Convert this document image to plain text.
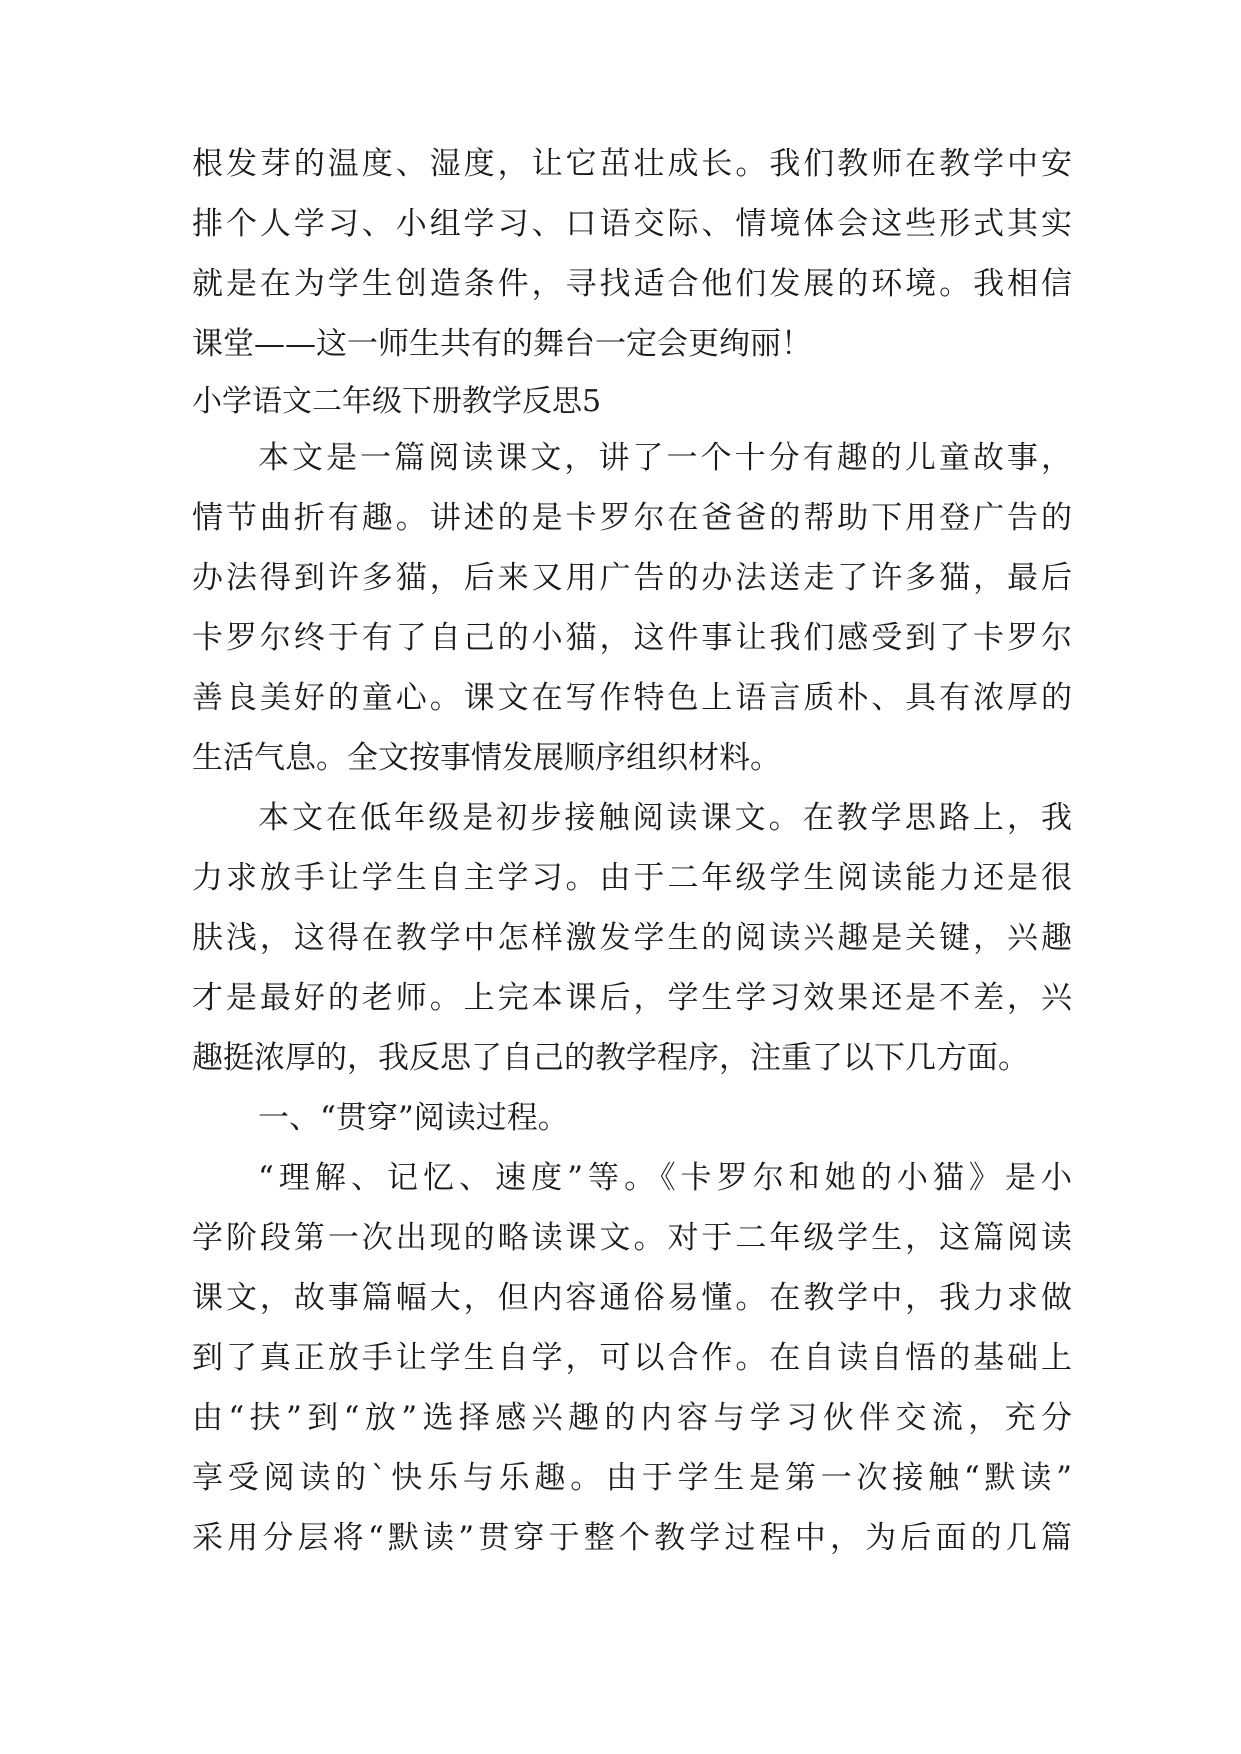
根发芽的温度、湿度，让它茁壮成长。我们教师在教学中安
排个人学习、小组学习、口语交际、情境体会这些形式其实
就是在为学生创造条件，寻找适合他们发展的环境。我相信
课堂——这一师生共有的舞台一定会更绚丽！
小学语文二年级下册教学反思5
本文是一篇阅读课文，讲了一个十分有趣的儿童故事，
情节曲折有趣。讲述的是卡罗尔在爸爸的帮助下用登广告的
办法得到许多猫，后来又用广告的办法送走了许多猫，最后
卡罗尔终于有了自己的小猫，这件事让我们感受到了卡罗尔
善良美好的童心。课文在写作特色上语言质朴、具有浓厚的
生活气息。全文按事情发展顺序组织材料。
本文在低年级是初步接触阅读课文。在教学思路上，我
力求放手让学生自主学习。由于二年级学生阅读能力还是很
肤浅，这得在教学中怎样激发学生的阅读兴趣是关键，兴趣
才是最好的老师。上完本课后，学生学习效果还是不差，兴
趣挺浓厚的，我反思了自己的教学程序，注重了以下几方面。
一、“贯穿”阅读过程。
“理解、记忆、速度”等。《卡罗尔和她的小猫》是小
学阶段第一次出现的略读课文。对于二年级学生，这篇阅读
课文，故事篇幅大，但内容通俗易懂。在教学中，我力求做
到了真正放手让学生自学，可以合作。在自读自悟的基础上
由“扶”到“放”选择感兴趣的内容与学习伙伴交流，充分
享受阅读的`快乐与乐趣。由于学生是第一次接触“默读”
采用分层将“默读”贯穿于整个教学过程中，为后面的几篇
